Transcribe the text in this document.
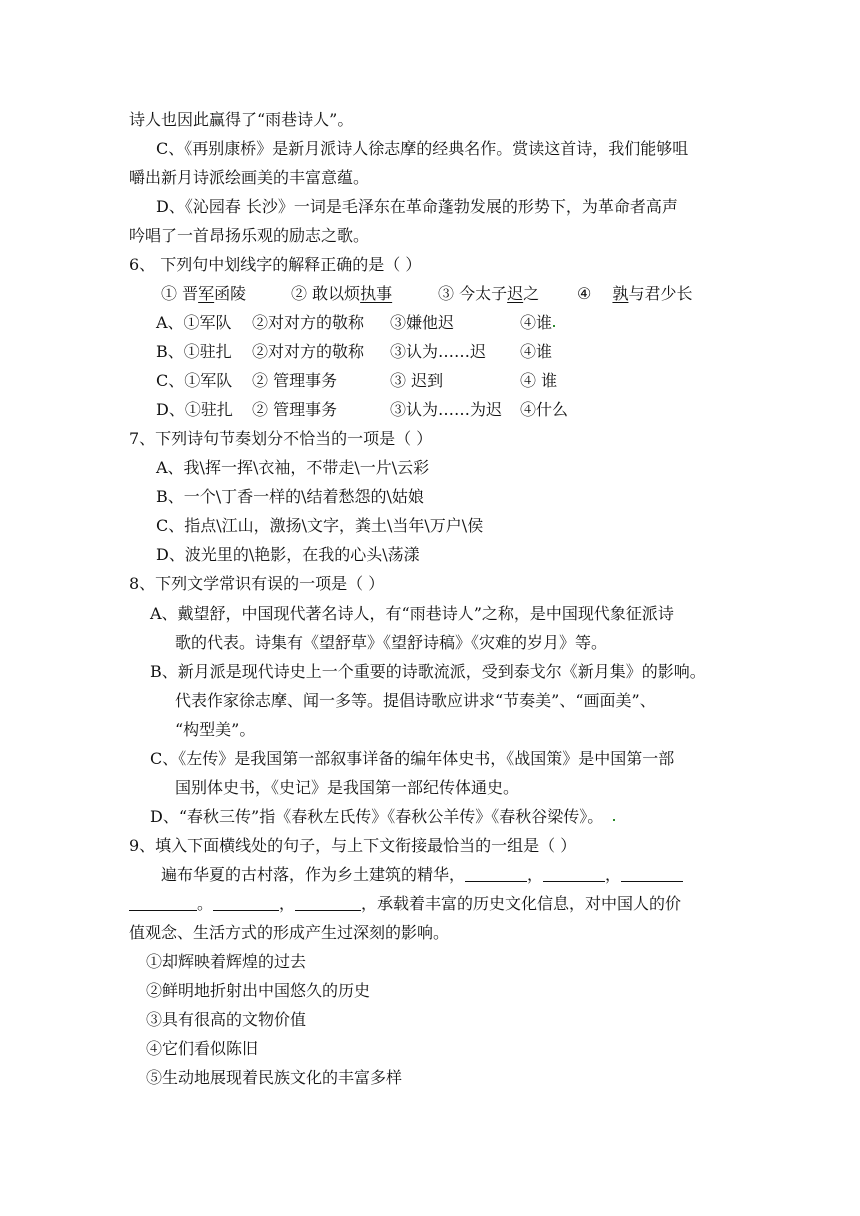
诗人也因此赢得了“雨巷诗人”。
C、《再别康桥》是新月派诗人徐志摩的经典名作。赏读这首诗，我们能够咀
嚼出新月诗派绘画美的丰富意蕴。
D、《沁园春 长沙》一词是毛泽东在革命蓬勃发展的形势下，为革命者高声
吟唱了一首昂扬乐观的励志之歌。
6、 下列句中划线字的解释正确的是（ ）
① 晋军函陵	② 敢以烦执事	③ 今太子迟之 ④ 孰与君少长
A、①军队 ②对对方的敬称 ③嫌他迟	④谁
B、①驻扎 ②对对方的敬称 ③认为……迟 ④谁
C、①军队 ② 管理事务	③ 迟到	④ 谁
D、①驻扎 ② 管理事务	③认为……为迟 ④什么
7、下列诗句节奏划分不恰当的一项是（ ）
A、我\挥一挥\衣袖，不带走\一片\云彩
B、一个\丁香一样的\结着愁怨的\姑娘
C、指点\江山，激扬\文字，粪土\当年\万户\侯
D、波光里的\艳影，在我的心头\荡漾
8、下列文学常识有误的一项是（ ）
A、戴望舒，中国现代著名诗人，有“雨巷诗人”之称，是中国现代象征派诗
歌的代表。诗集有《望舒草》《望舒诗稿》《灾难的岁月》等。
B、新月派是现代诗史上一个重要的诗歌流派，受到泰戈尔《新月集》的影响。
代表作家徐志摩、闻一多等。提倡诗歌应讲求“节奏美”、“画面美”、
“构型美”。
C、《左传》是我国第一部叙事详备的编年体史书，《战国策》是中国第一部
国别体史书，《史记》是我国第一部纪传体通史。
D、“春秋三传”指《春秋左氏传》《春秋公羊传》《春秋谷梁传》。
9、填入下面横线处的句子，与上下文衔接最恰当的一组是（ ）
遍布华夏的古村落，作为乡土建筑的精华，	，	，
。	，	，承载着丰富的历史文化信息，对中国人的价
值观念、生活方式的形成产生过深刻的影响。
①却辉映着辉煌的过去
②鲜明地折射出中国悠久的历史
③具有很高的文物价值
④它们看似陈旧
⑤生动地展现着民族文化的丰富多样
